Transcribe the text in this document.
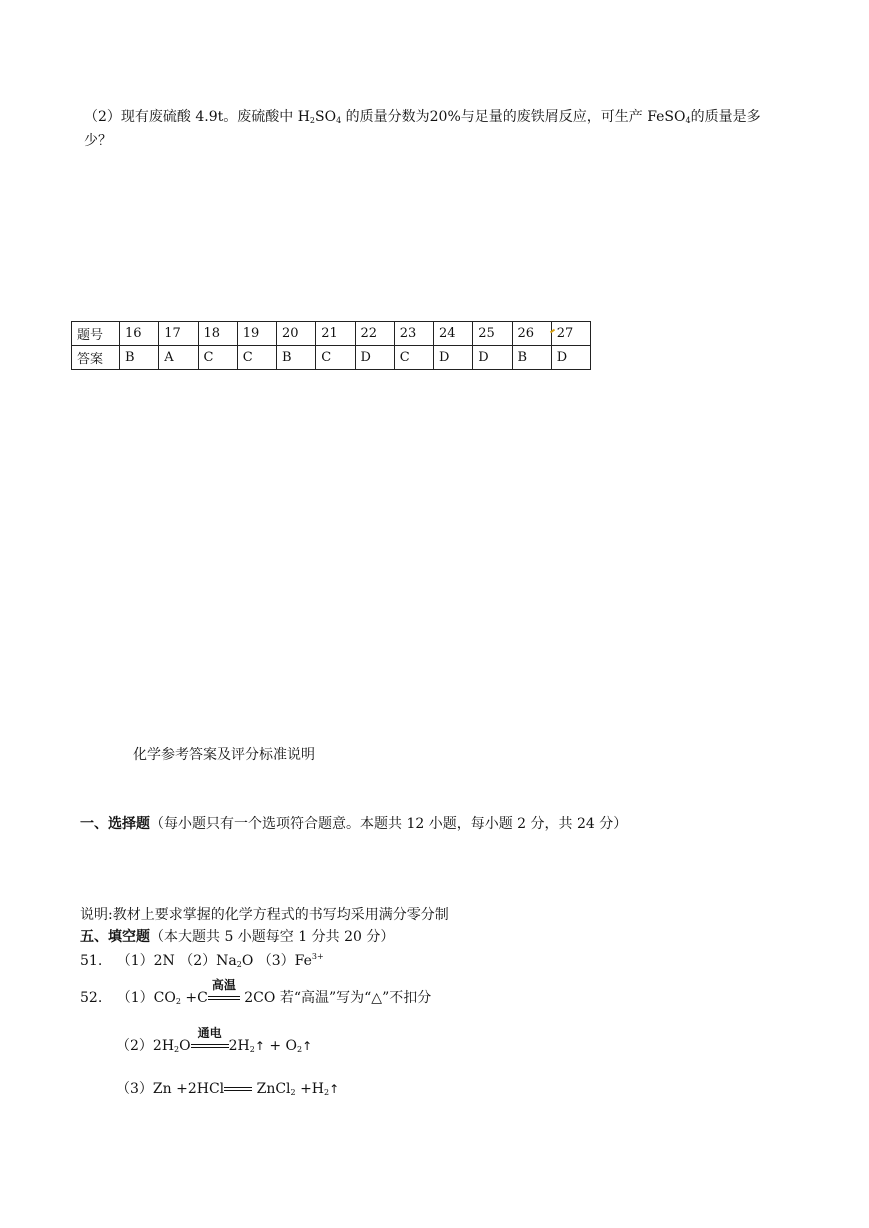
（2）现有废硫酸 4.9t。废硫酸中 $H_2SO_4$ 的质量分数为20%与足量的废铁屑反应，可生产 FeSO$_4$的质量是多
少？
题号	16	17	18	19	20	21	22	23	24	25	26	27
答案	B	A	C	C	B	C	D	C	D	D	B	D
化学参考答案及评分标准说明
一、选择题（每小题只有一个选项符合题意。本题共 12 小题，每小题 2 分，共 24 分）
说明:教材上要求掌握的化学方程式的书写均采用满分零分制
五、填空题（本大题共 5 小题每空 1 分共 20 分）
51. （1）2N $(2)Na_2O$ $(3)Fe^{3+}$
52. $(1)CO_2 +C$
高温
2CO 若“高温”写为“△”不扣分
$(2)2H_2O$
通电
$2H_2↑$ + $O_2↑$
（3）Zn +2HCl ZnCl$_2$ $+H_2↑$
